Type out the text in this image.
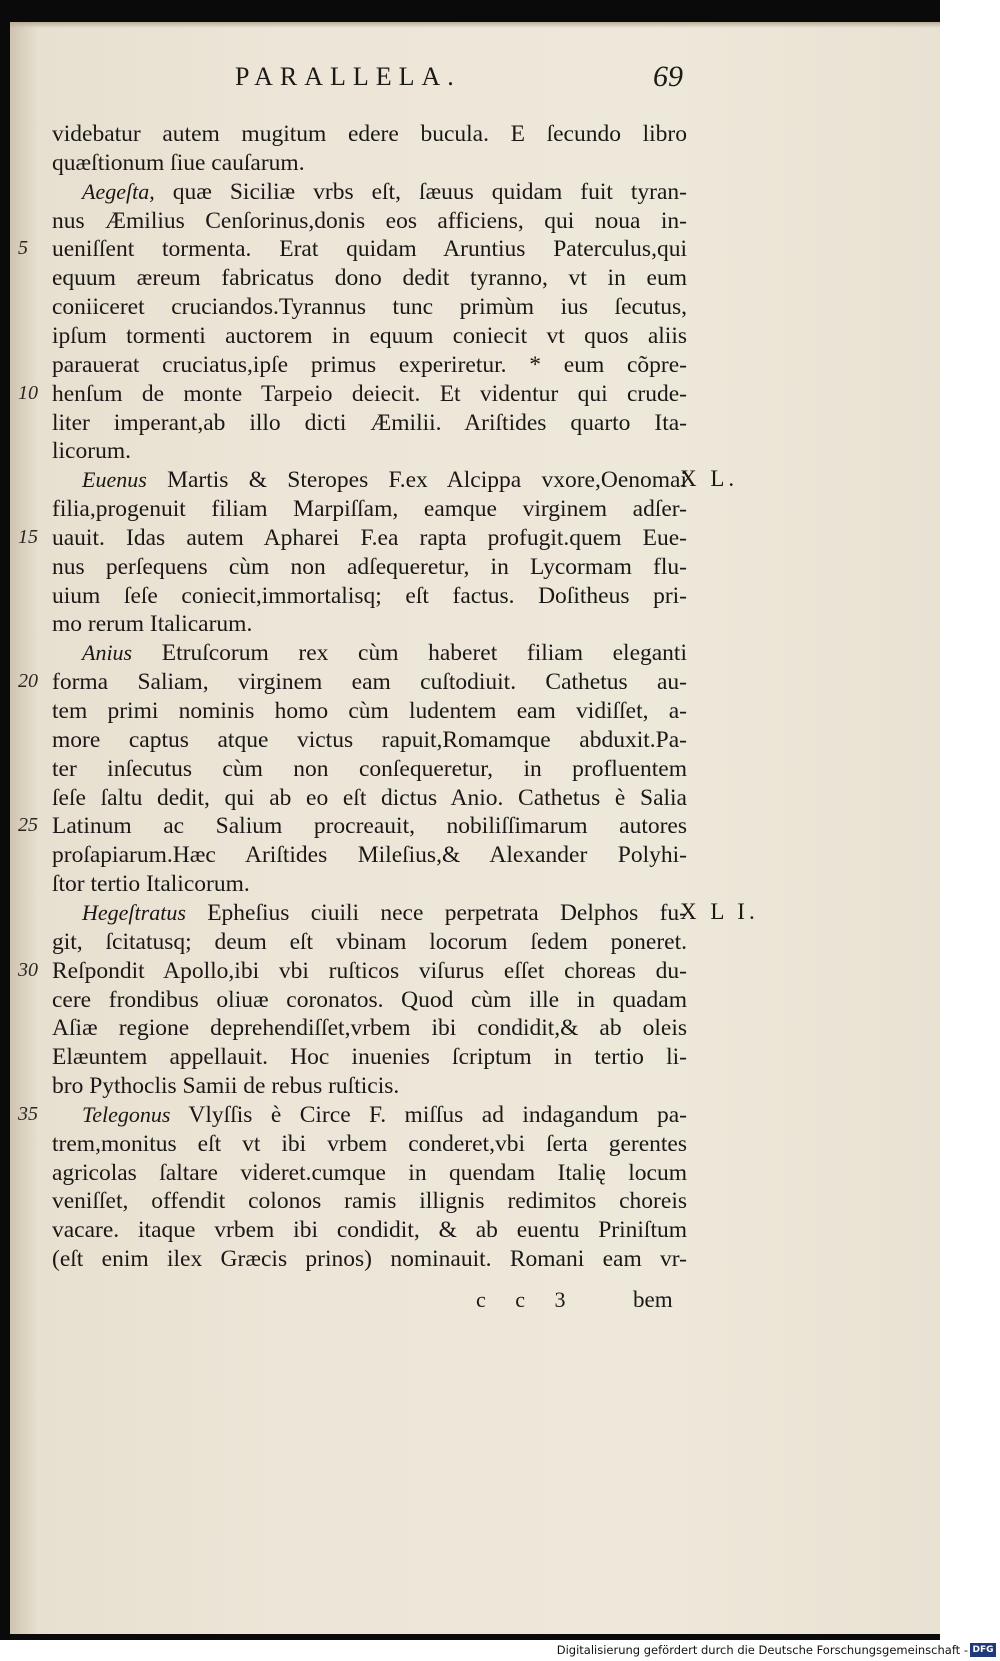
PARALLELA.	69
videbatur autem mugitum edere bucula. E ſecundo libro
quæſtionum ſiue cauſarum.
Aegeſta, quæ Siciliæ vrbs eſt, ſæuus quidam fuit tyran-
nus Æmilius Cenſorinus,donis eos afficiens, qui noua in-
5	ueniſſent tormenta. Erat quidam Aruntius Paterculus,qui
equum æreum fabricatus dono dedit tyranno, vt in eum
coniiceret cruciandos.Tyrannus tunc primùm ius ſecutus,
ipſum tormenti auctorem in equum coniecit vt quos aliis
parauerat cruciatus,ipſe primus experiretur. * eum cõpre-
10 henſum de monte Tarpeio deiecit. Et videntur qui crude-
liter imperant,ab illo dicti Æmilii. Ariſtides quarto Ita-
licorum.
Euenus Martis & Steropes F.ex Alcippa vxore,Oenomai
filia,progenuit filiam Marpiſſam, eamque virginem adſer-
15 uauit. Idas autem Apharei F.ea rapta profugit.quem Eue-
nus perſequens cùm non adſequeretur, in Lycormam flu-
uium ſeſe coniecit,immortalisq; eſt factus. Doſitheus pri-
mo rerum Italicarum.
Anius Etruſcorum rex cùm haberet filiam eleganti
20 forma Saliam, virginem eam cuſtodiuit. Cathetus au-
tem primi nominis homo cùm ludentem eam vidiſſet, a-
more captus atque victus rapuit,Romamque abduxit.Pa-
ter inſecutus cùm non conſequeretur, in profluentem
ſeſe ſaltu dedit, qui ab eo eſt dictus Anio. Cathetus è Salia
25 Latinum ac Salium procreauit, nobiliſſimarum autores
proſapiarum.Hæc Ariſtides Mileſius,& Alexander Polyhi-
ſtor tertio Italicorum.
Hegeſtratus Epheſius ciuili nece perpetrata Delphos fu-
git, ſcitatusq; deum eſt vbinam locorum ſedem poneret.
30 Reſpondit Apollo,ibi vbi ruſticos viſurus eſſet choreas du-
cere frondibus oliuæ coronatos. Quod cùm ille in quadam
Aſiæ regione deprehendiſſet,vrbem ibi condidit,& ab oleis
Elæuntem appellauit. Hoc inuenies ſcriptum in tertio li-
bro Pythoclis Samii de rebus ruſticis.
35	Telegonus Vlyſſis è Circe F. miſſus ad indagandum pa-
trem,monitus eſt vt ibi vrbem conderet,vbi ſerta gerentes
agricolas ſaltare videret.cumque in quendam Italię locum
veniſſet, offendit colonos ramis illignis redimitos choreis
vacare. itaque vrbem ibi condidit, & ab euentu Priniſtum
(eſt enim ilex Græcis prinos) nominauit. Romani eam vr-
X L.
X L I.
c c 3 bem
Digitalisierung gefördert durch die Deutsche Forschungsgemeinschaft - DFG
